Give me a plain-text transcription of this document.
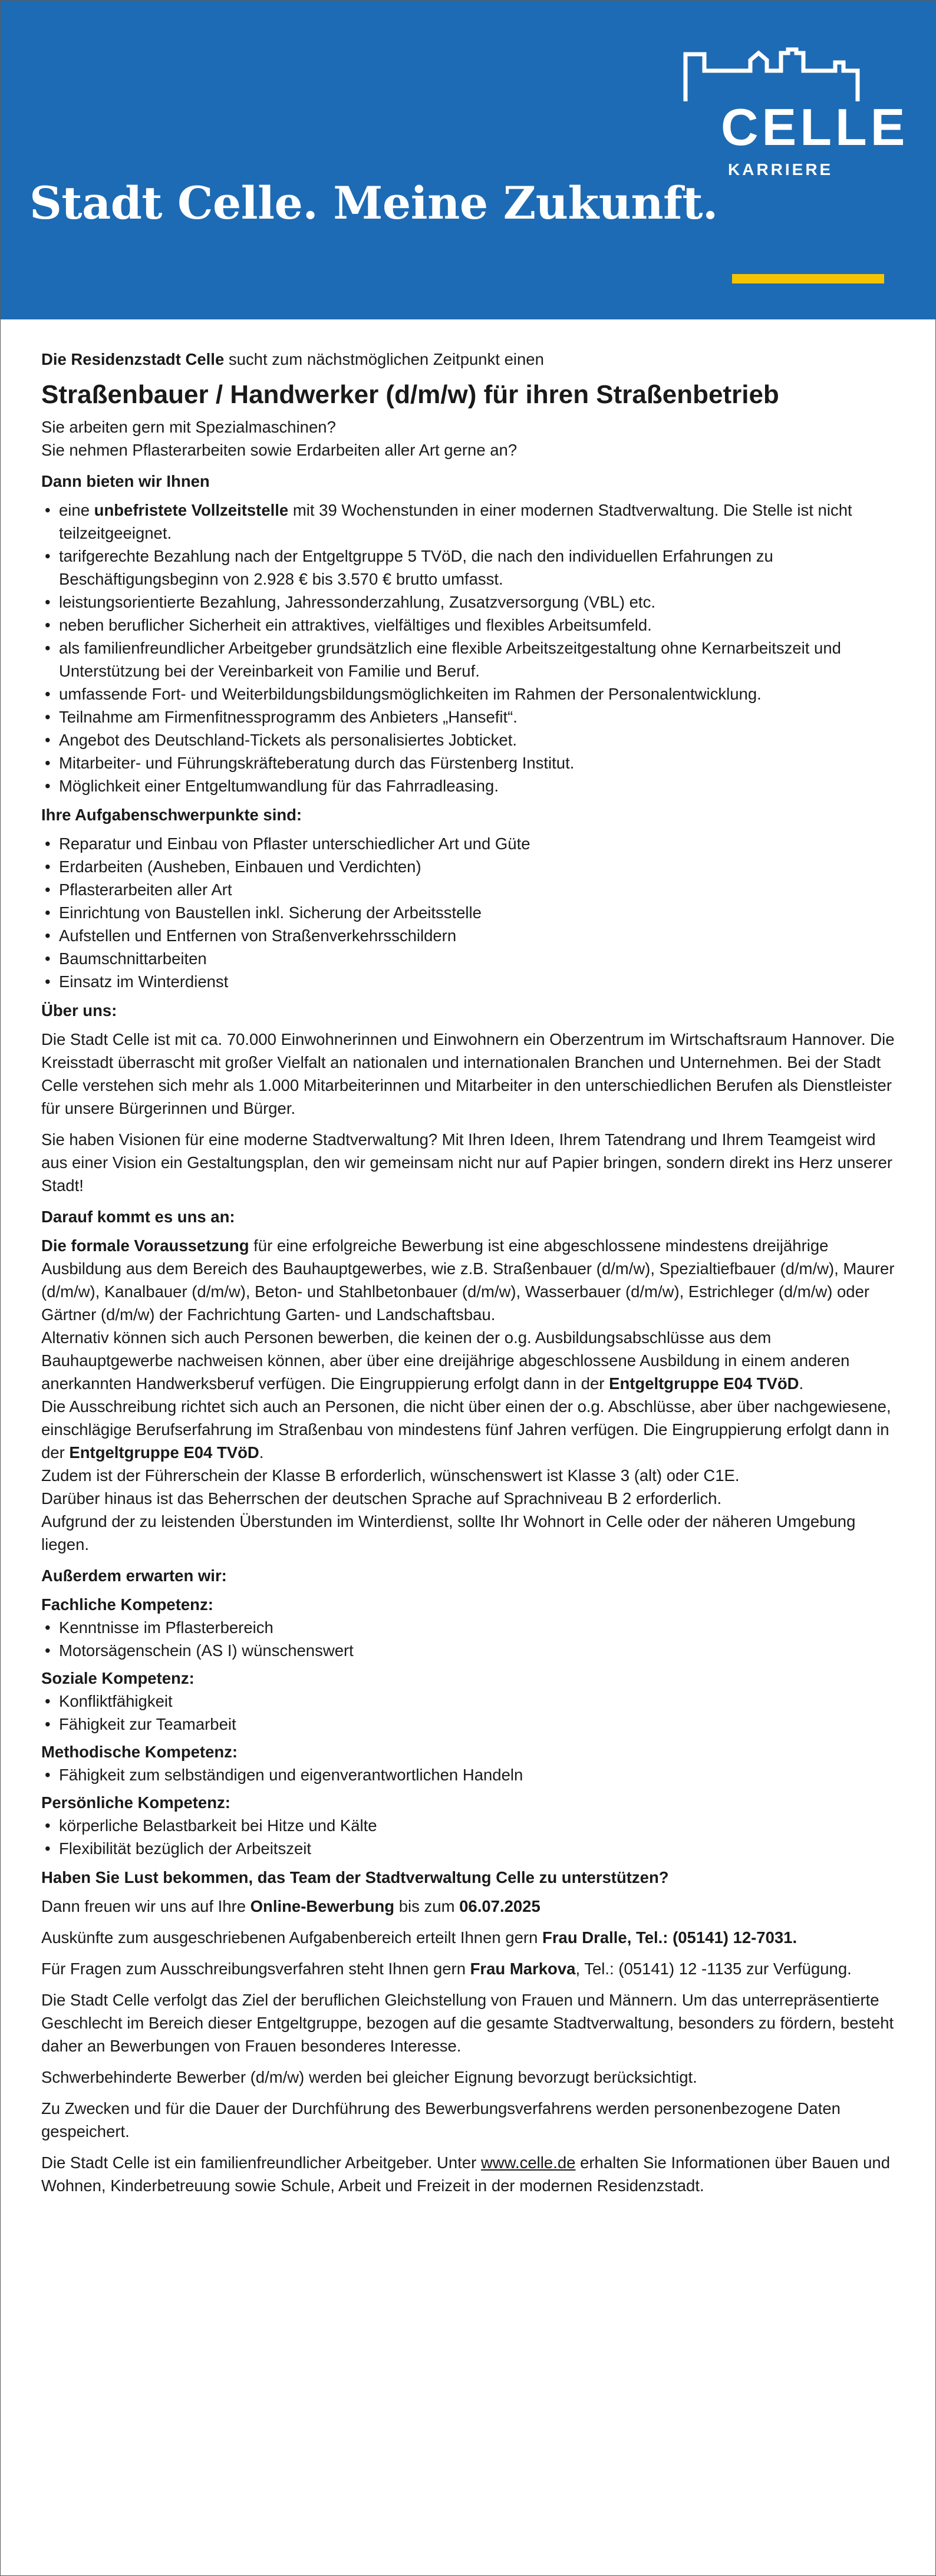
Stadt Celle. Meine Zukunft.
CELLE
KARRIERE

Die Residenzstadt Celle sucht zum nächstmöglichen Zeitpunkt einen

Straßenbauer / Handwerker (d/m/w) für ihren Straßenbetrieb

Sie arbeiten gern mit Spezialmaschinen?

Sie nehmen Pflasterarbeiten sowie Erdarbeiten aller Art gerne an?

Dann bieten wir Ihnen
• eine unbefristete Vollzeitstelle mit 39 Wochenstunden in einer modernen Stadtverwaltung. Die Stelle ist nicht teilzeitgeeignet.
• tarifgerechte Bezahlung nach der Entgeltgruppe 5 TVöD, die nach den individuellen Erfahrungen zu Beschäftigungsbeginn von 2.928 € bis 3.570 € brutto umfasst.
• leistungsorientierte Bezahlung, Jahressonderzahlung, Zusatzversorgung (VBL) etc.
• neben beruflicher Sicherheit ein attraktives, vielfältiges und flexibles Arbeitsumfeld.
• als familienfreundlicher Arbeitgeber grundsätzlich eine flexible Arbeitszeitgestaltung ohne Kernarbeitszeit und Unterstützung bei der Vereinbarkeit von Familie und Beruf.
• umfassende Fort- und Weiterbildungsbildungsmöglichkeiten im Rahmen der Personalentwicklung.
• Teilnahme am Firmenfitnessprogramm des Anbieters „Hansefit“.
• Angebot des Deutschland-Tickets als personalisiertes Jobticket.
• Mitarbeiter- und Führungskräfteberatung durch das Fürstenberg Institut.
• Möglichkeit einer Entgeltumwandlung für das Fahrradleasing.
Ihre Aufgabenschwerpunkte sind:
• Reparatur und Einbau von Pflaster unterschiedlicher Art und Güte
• Erdarbeiten (Ausheben, Einbauen und Verdichten)
• Pflasterarbeiten aller Art
• Einrichtung von Baustellen inkl. Sicherung der Arbeitsstelle
• Aufstellen und Entfernen von Straßenverkehrsschildern
• Baumschnittarbeiten
• Einsatz im Winterdienst
Über uns:

Die Stadt Celle ist mit ca. 70.000 Einwohnerinnen und Einwohnern ein Oberzentrum im Wirtschaftsraum Hannover. Die Kreisstadt überrascht mit großer Vielfalt an nationalen und internationalen Branchen und Unternehmen. Bei der Stadt Celle verstehen sich mehr als 1.000 Mitarbeiterinnen und Mitarbeiter in den unterschiedlichen Berufen als Dienstleister für unsere Bürgerinnen und Bürger.

Sie haben Visionen für eine moderne Stadtverwaltung? Mit Ihren Ideen, Ihrem Tatendrang und Ihrem Teamgeist wird aus einer Vision ein Gestaltungsplan, den wir gemeinsam nicht nur auf Papier bringen, sondern direkt ins Herz unserer Stadt!

Darauf kommt es uns an:

Die formale Voraussetzung für eine erfolgreiche Bewerbung ist eine abgeschlossene mindestens dreijährige Ausbildung aus dem Bereich des Bauhauptgewerbes, wie z.B. Straßenbauer (d/m/w), Spezialtiefbauer (d/m/w), Maurer (d/m/w), Kanalbauer (d/m/w), Beton- und Stahlbetonbauer (d/m/w), Wasserbauer (d/m/w), Estrichleger (d/m/w) oder Gärtner (d/m/w) der Fachrichtung Garten- und Landschaftsbau.

Alternativ können sich auch Personen bewerben, die keinen der o.g. Ausbildungsabschlüsse aus dem Bauhauptgewerbe nachweisen können, aber über eine dreijährige abgeschlossene Ausbildung in einem anderen anerkannten Handwerksberuf verfügen. Die Eingruppierung erfolgt dann in der Entgeltgruppe E04 TVöD.

Die Ausschreibung richtet sich auch an Personen, die nicht über einen der o.g. Abschlüsse, aber über nachgewiesene, einschlägige Berufserfahrung im Straßenbau von mindestens fünf Jahren verfügen. Die Eingruppierung erfolgt dann in der Entgeltgruppe E04 TVöD.

Zudem ist der Führerschein der Klasse B erforderlich, wünschenswert ist Klasse 3 (alt) oder C1E.

Darüber hinaus ist das Beherrschen der deutschen Sprache auf Sprachniveau B 2 erforderlich.

Aufgrund der zu leistenden Überstunden im Winterdienst, sollte Ihr Wohnort in Celle oder der näheren Umgebung liegen.

Außerdem erwarten wir:
Fachliche Kompetenz:
• Kenntnisse im Pflasterbereich
• Motorsägenschein (AS I) wünschenswert
Soziale Kompetenz:
• Konfliktfähigkeit
• Fähigkeit zur Teamarbeit
Methodische Kompetenz:
• Fähigkeit zum selbständigen und eigenverantwortlichen Handeln
Persönliche Kompetenz:
• körperliche Belastbarkeit bei Hitze und Kälte
• Flexibilität bezüglich der Arbeitszeit
Haben Sie Lust bekommen, das Team der Stadtverwaltung Celle zu unterstützen?

Dann freuen wir uns auf Ihre Online-Bewerbung bis zum 06.07.2025

Auskünfte zum ausgeschriebenen Aufgabenbereich erteilt Ihnen gern Frau Dralle, Tel.: (05141) 12-7031.

Für Fragen zum Ausschreibungsverfahren steht Ihnen gern Frau Markova, Tel.: (05141) 12 -1135 zur Verfügung.

Die Stadt Celle verfolgt das Ziel der beruflichen Gleichstellung von Frauen und Männern. Um das unterrepräsentierte Geschlecht im Bereich dieser Entgeltgruppe, bezogen auf die gesamte Stadtverwaltung, besonders zu fördern, besteht daher an Bewerbungen von Frauen besonderes Interesse.

Schwerbehinderte Bewerber (d/m/w) werden bei gleicher Eignung bevorzugt berücksichtigt.

Zu Zwecken und für die Dauer der Durchführung des Bewerbungsverfahrens werden personenbezogene Daten gespeichert.

Die Stadt Celle ist ein familienfreundlicher Arbeitgeber. Unter www.celle.de erhalten Sie Informationen über Bauen und Wohnen, Kinderbetreuung sowie Schule, Arbeit und Freizeit in der modernen Residenzstadt.
